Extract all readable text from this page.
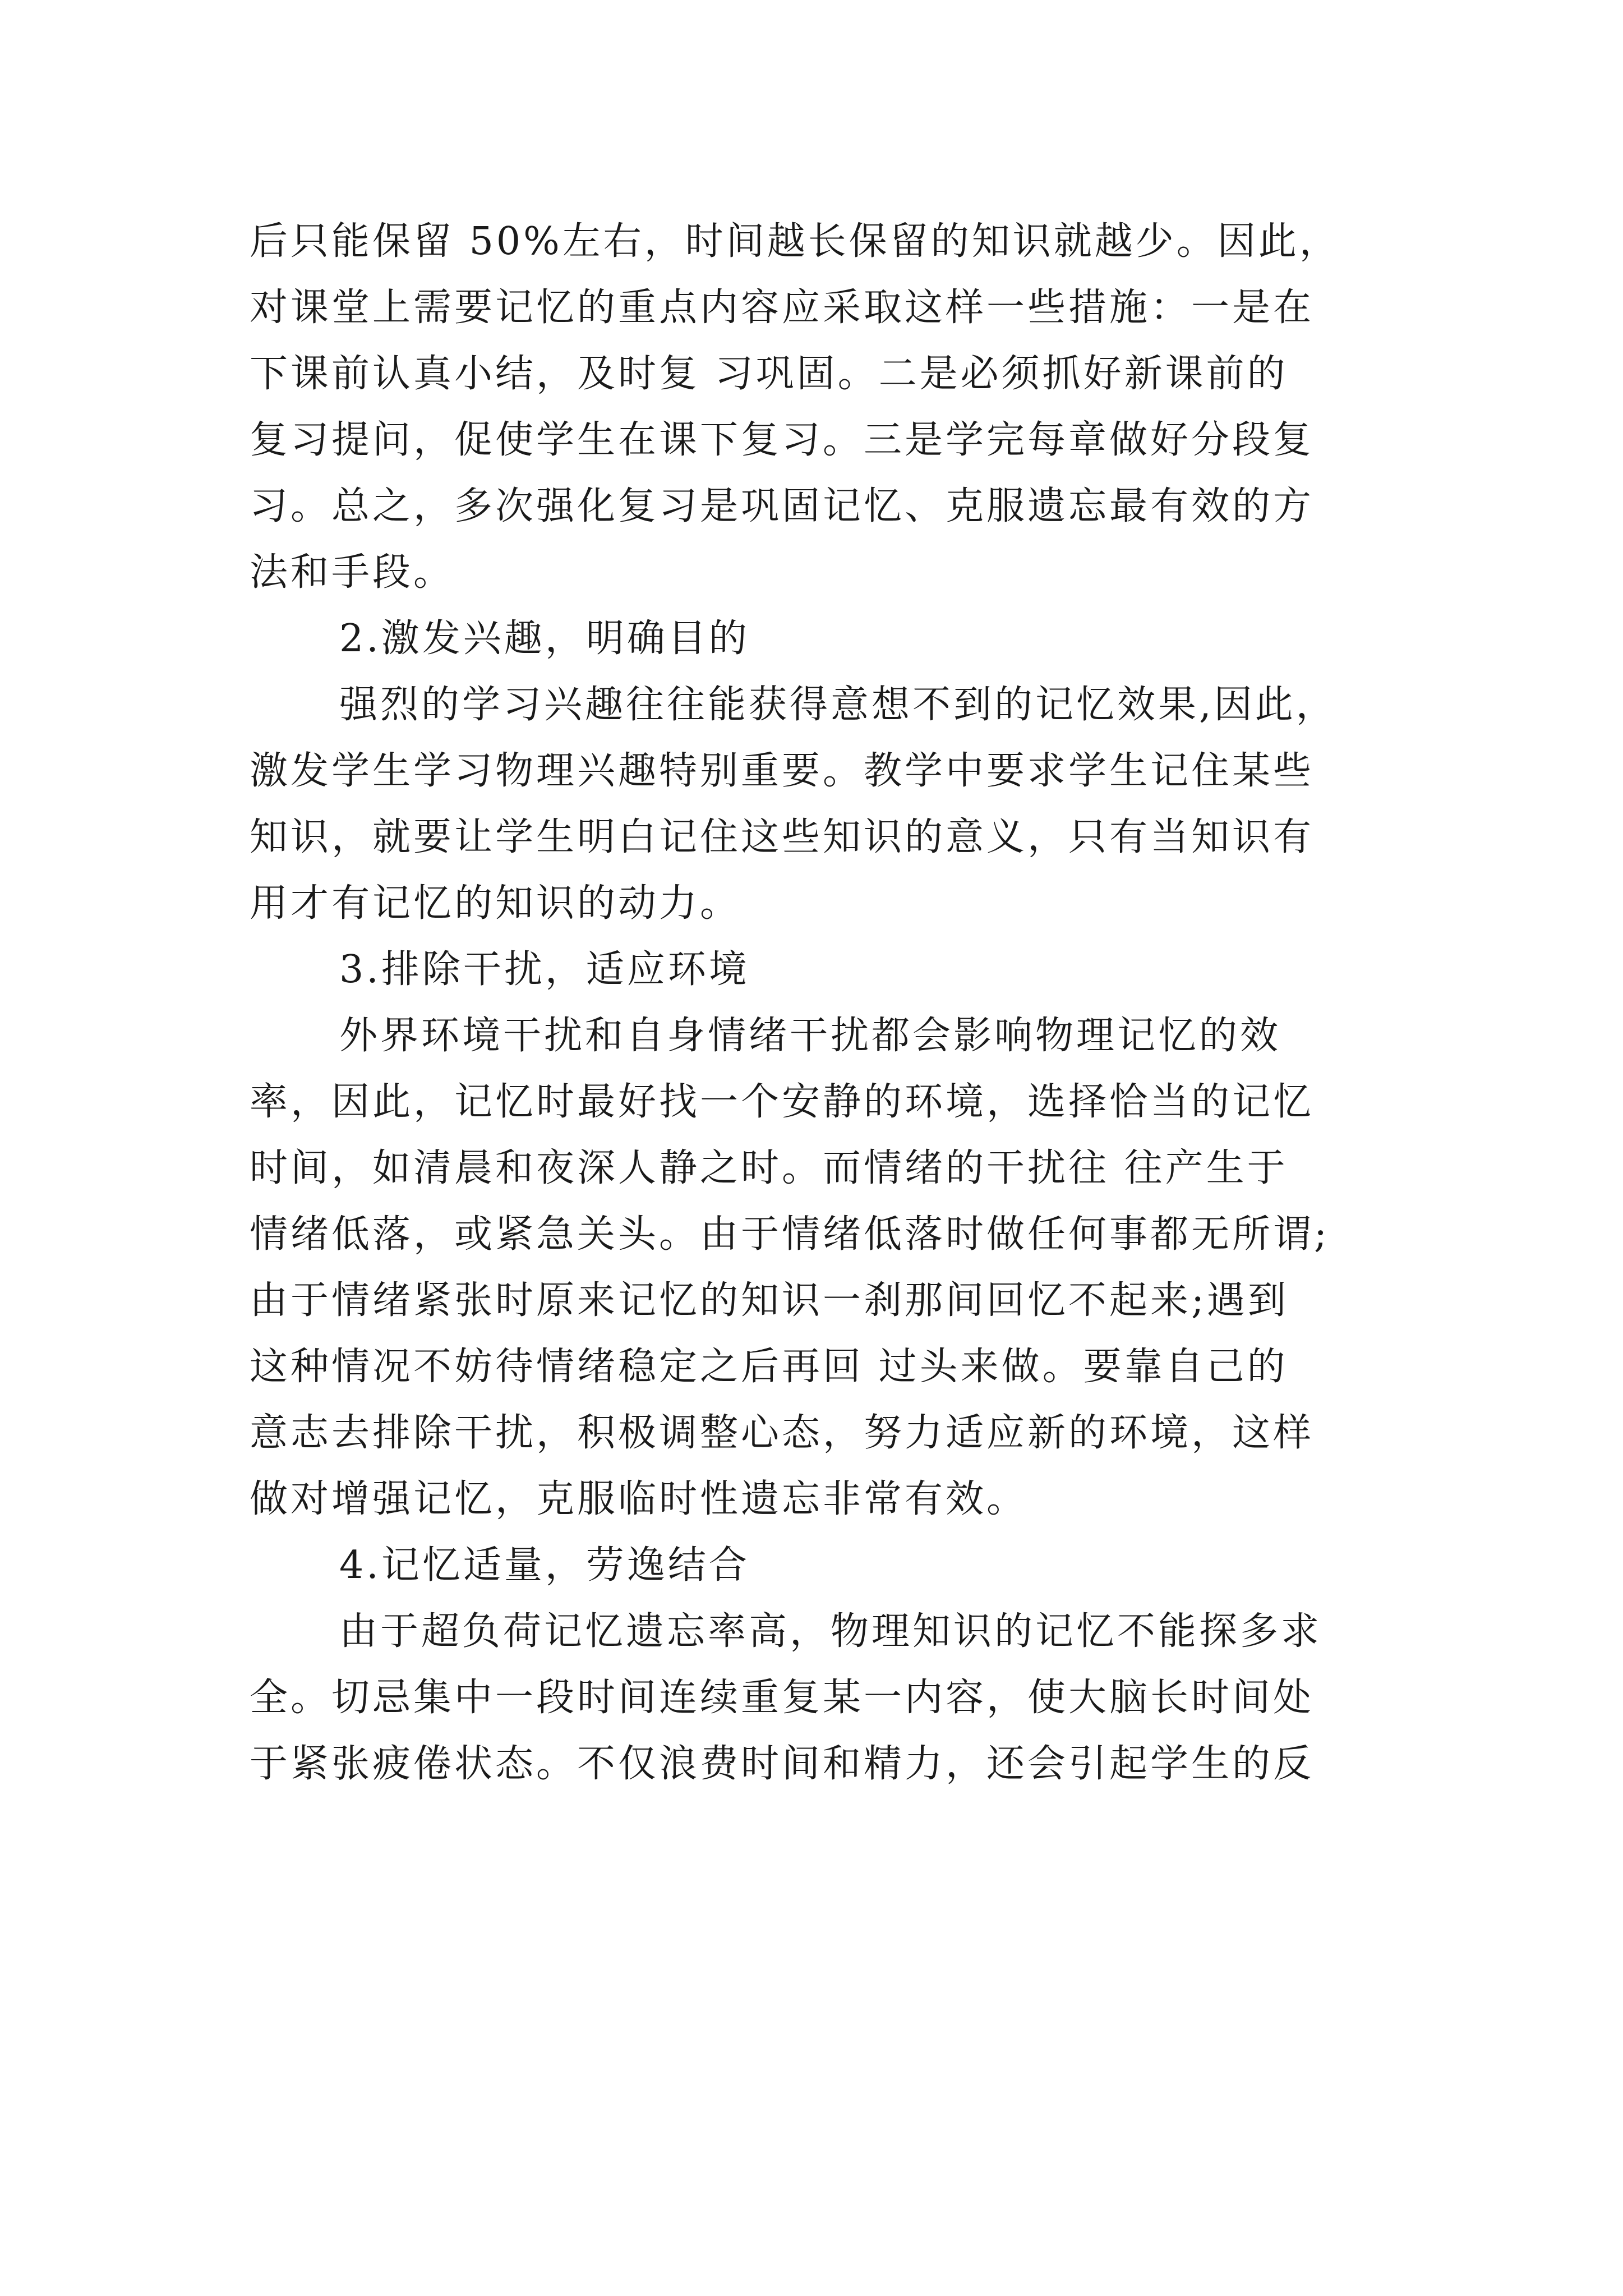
后只能保留 50%左右，时间越长保留的知识就越少。因此，
对课堂上需要记忆的重点内容应采取这样一些措施：一是在
下课前认真小结，及时复 习巩固。二是必须抓好新课前的
复习提问，促使学生在课下复习。三是学完每章做好分段复
习。总之，多次强化复习是巩固记忆、克服遗忘最有效的方
法和手段。
2.激发兴趣，明确目的
强烈的学习兴趣往往能获得意想不到的记忆效果,因此，
激发学生学习物理兴趣特别重要。教学中要求学生记住某些
知识，就要让学生明白记住这些知识的意义，只有当知识有
用才有记忆的知识的动力。
3.排除干扰，适应环境
外界环境干扰和自身情绪干扰都会影响物理记忆的效
率，因此，记忆时最好找一个安静的环境，选择恰当的记忆
时间，如清晨和夜深人静之时。而情绪的干扰往 往产生于
情绪低落，或紧急关头。由于情绪低落时做任何事都无所谓;
由于情绪紧张时原来记忆的知识一刹那间回忆不起来;遇到
这种情况不妨待情绪稳定之后再回 过头来做。要靠自己的
意志去排除干扰，积极调整心态，努力适应新的环境，这样
做对增强记忆，克服临时性遗忘非常有效。
4.记忆适量，劳逸结合
由于超负荷记忆遗忘率高，物理知识的记忆不能探多求
全。切忌集中一段时间连续重复某一内容，使大脑长时间处
于紧张疲倦状态。不仅浪费时间和精力，还会引起学生的反
